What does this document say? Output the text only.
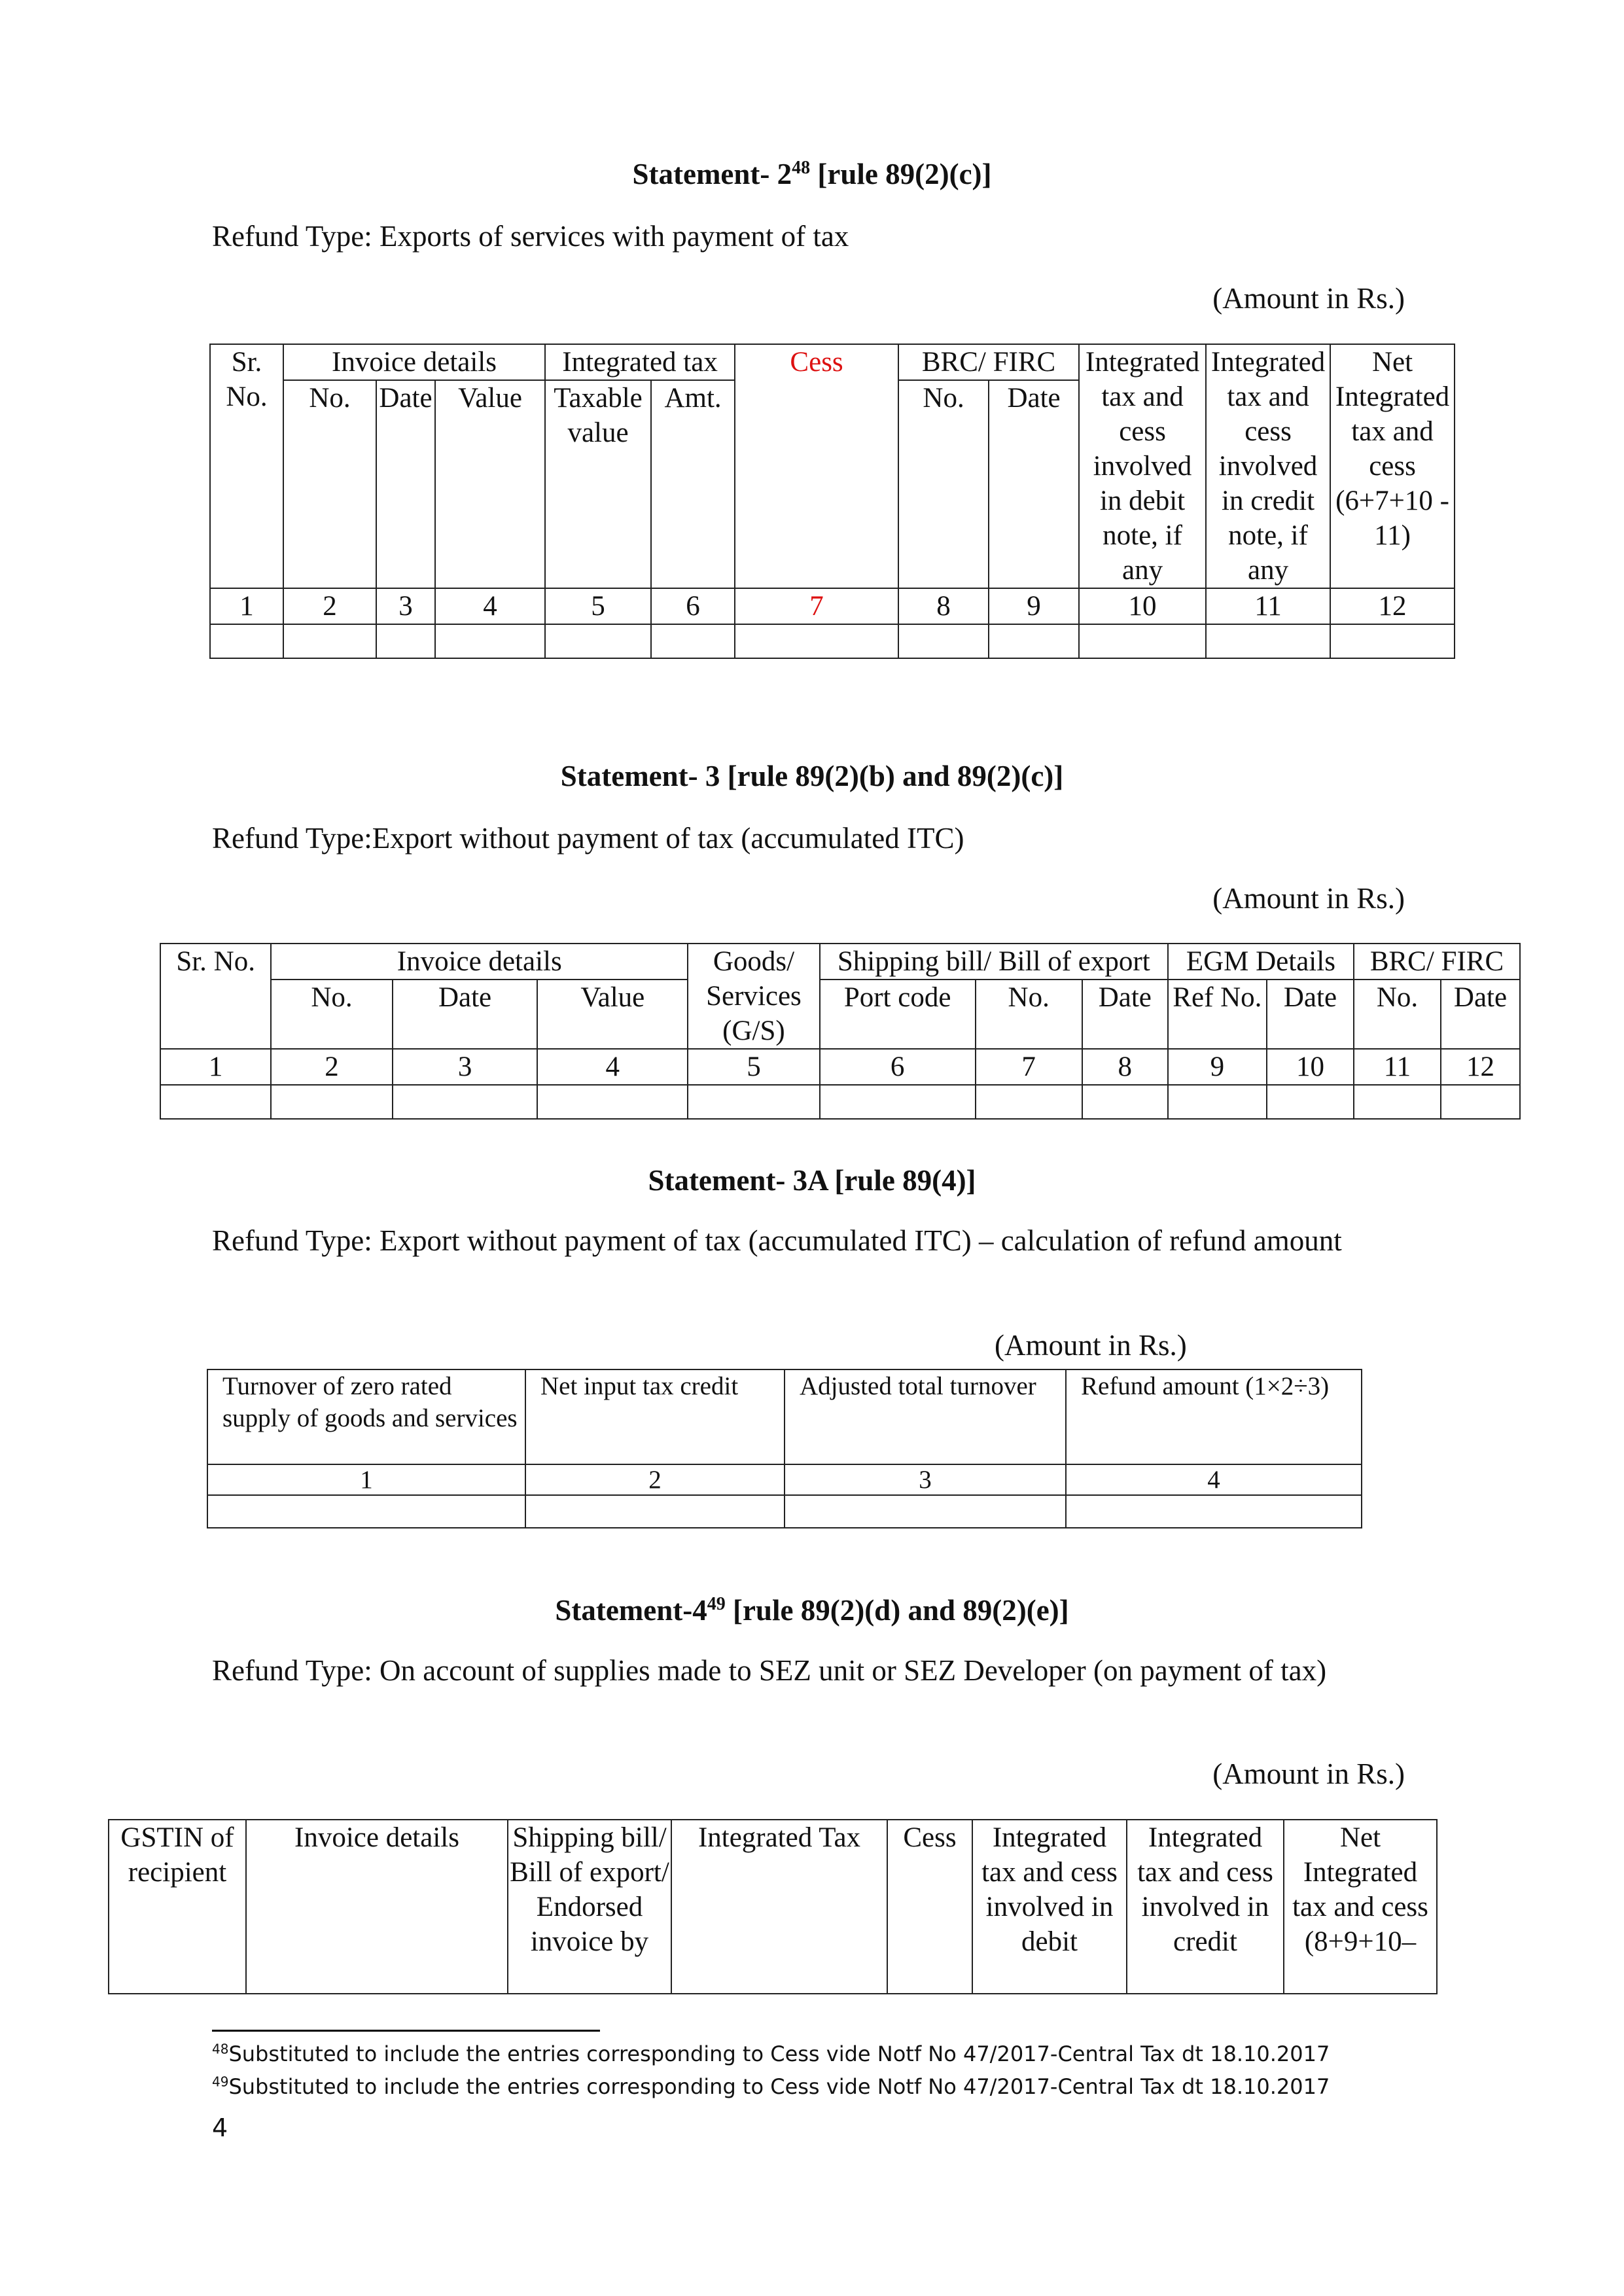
Statement- $2^{48}$ [rule 89(2)(c)]
Refund Type: Exports of services with payment of tax
(Amount in Rs.)
Sr. No.	Invoice details			Integrated tax		Cess	BRC/ FIRC		Integrated tax and cess involved in debit note, if any	Integrated tax and cess involved in credit note, if any	Net Integrated tax and cess (6+7+10 - 11)
	No.	Date	Value	Taxable value	Amt.		No.	Date			
1	2	3	4	5	6	7	8	9	10	11	12

Statement- 3 [rule 89(2)(b) and 89(2)(c)]
Refund Type:Export without payment of tax (accumulated ITC)
(Amount in Rs.)
Sr. No.	Invoice details			Goods/ Services (G/S)	Shipping bill/ Bill of export			EGM Details		BRC/ FIRC	
	No.	Date	Value		Port code	No.	Date	Ref No.	Date	No.	Date
1	2	3	4	5	6	7	8	9	10	11	12

Statement- 3A [rule 89(4)]
Refund Type: Export without payment of tax (accumulated ITC) – calculation of refund amount
(Amount in Rs.)
Turnover of zero rated supply of goods and services	Net input tax credit	Adjusted total turnover	Refund amount (1×2÷3)
1	2	3	4

Statement-$4^{49}$ [rule 89(2)(d) and 89(2)(e)]
Refund Type: On account of supplies made to SEZ unit or SEZ Developer (on payment of tax)
(Amount in Rs.)
GSTIN of recipient	Invoice details	Shipping bill/ Bill of export/ Endorsed invoice by	Integrated Tax	Cess	Integrated tax and cess involved in debit	Integrated tax and cess involved in credit	Net Integrated tax and cess (8+9+10–
$^{48}$Substituted to include the entries corresponding to Cess vide Notf No 47/2017-Central Tax dt 18.10.2017
$^{49}$Substituted to include the entries corresponding to Cess vide Notf No 47/2017-Central Tax dt 18.10.2017
4
